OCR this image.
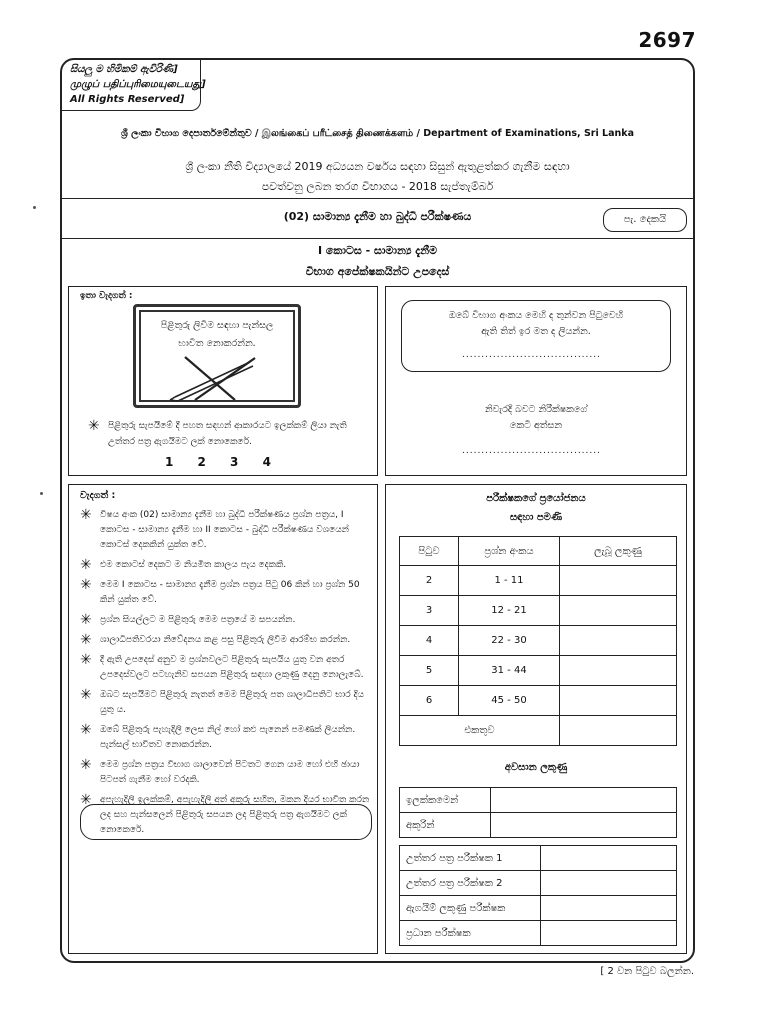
2697
සියලු ම හිමිකම් ඇවිරිණි]
முழுப் பதிப்புரிமையுடையது]
All Rights Reserved]
ශ්‍රී ලංකා විභාග දෙපාර්තමේන්තුව / இலங்கைப் பரீட்சைத் திணைக்களம் / Department of Examinations, Sri Lanka
ශ්‍රී ලංකා නීති විද්‍යාලයේ 2019 අධ්‍යයන වර්ෂය සඳහා සිසුන් ඇතුළත්කර ගැනීම සඳහා
පවත්වනු ලබන තරග විභාගය - 2018 සැප්තැම්බර්
(02) සාමාන්‍ය දැනීම හා බුද්ධි පරීක්ෂණය	පැ. දෙකයි
I කොටස - සාමාන්‍ය දැනීම
විභාග අපේක්ෂකයින්ට උපදෙස්
ඉතා වැදගත් :
පිළිතුරු ලිවීම සඳහා පැන්සල
භාවිත නොකරන්න.
✳ පිළිතුරු සැපයීමේ දී පහත සඳහන් ආකාරයට ඉලක්කම් ලියා නැති උත්තර පත්‍ර ඇගයීමට ලක් නොකෙරේ.
1 2 3 4
ඔබේ විභාග අංකය මෙහි ද තුන්වන පිටුවෙහි
ඇති තිත් ඉර මත ද ලියන්න.
....................................
නිවැරදි බවට නිරීක්ෂකගේ
කෙටි අත්සන
....................................
වැදගත් :
✳ විෂය අංක (02) සාමාන්‍ය දැනීම හා බුද්ධි පරීක්ෂණය ප්‍රශ්න පත්‍රය, I කොටස - සාමාන්‍ය දැනීම හා II කොටස - බුද්ධි පරීක්ෂණය වශයෙන් කොටස් දෙකකින් යුක්ත වේ.
✳ එම කොටස් දෙකට ම නියමිත කාලය පැය දෙකකි.
✳ මෙම I කොටස - සාමාන්‍ය දැනීම ප්‍රශ්න පත්‍රය පිටු 06 කින් හා ප්‍රශ්න 50 කින් යුක්ත වේ.
✳ ප්‍රශ්න සියල්ලට ම පිළිතුරු මෙම පත්‍රයේ ම සපයන්න.
✳ ශාලාධිපතිවරයා නිවේදනය කළ පසු පිළිතුරු ලිවීම ආරම්භ කරන්න.
✳ දී ඇති උපදෙස් අනුව ම ප්‍රශ්නවලට පිළිතුරු සැපයිය යුතු වන අතර උපදෙස්වලට පටහැනිව සපයන පිළිතුරු සඳහා ලකුණු දෙනු නොලැබේ.
✳ ඔබට සැපයීමට පිළිතුරු නැතත් මෙම පිළිතුරු පත ශාලාධිපතිට භාර දිය යුතු ය.
✳ ඔබේ පිළිතුරු පැහැදිලි ලෙස නිල් හෝ කළු පැනෙන් පමණක් ලියන්න. පැන්සල් භාවිතව නොකරන්න.
✳ මෙම ප්‍රශ්න පත්‍රය විභාග ශාලාවෙන් පිටතට ගෙන යාම හෝ එහි ඡායා පිටපත් ගැනීම හෝ වරදකි.
✳ අපැහැදිලි ඉලක්කම්, අපැහැදිලි අත් අකුරු සහිත, මකන දියර භාවිත කරන ලද සහ පැන්සලෙන් පිළිතුරු සපයන ලද පිළිතුරු පත්‍ර ඇගයීමට ලක් නොකෙරේ.
පරීක්ෂකගේ ප්‍රයෝජනය
සඳහා පමණි
පිටුව	ප්‍රශ්න අංකය	ලැබූ ලකුණු
2	1 - 11	
3	12 - 21	
4	22 - 30	
5	31 - 44	
6	45 - 50	
එකතුව		
අවසාන ලකුණු
ඉලක්කමෙන්	
අකුරින්	
උත්තර පත්‍ර පරීක්ෂක 1	
උත්තර පත්‍ර පරීක්ෂක 2	
ඇගයීම් ලකුණු පරීක්ෂක	
ප්‍රධාන පරීක්ෂක	
[ 2 වන පිටුව බලන්න.
